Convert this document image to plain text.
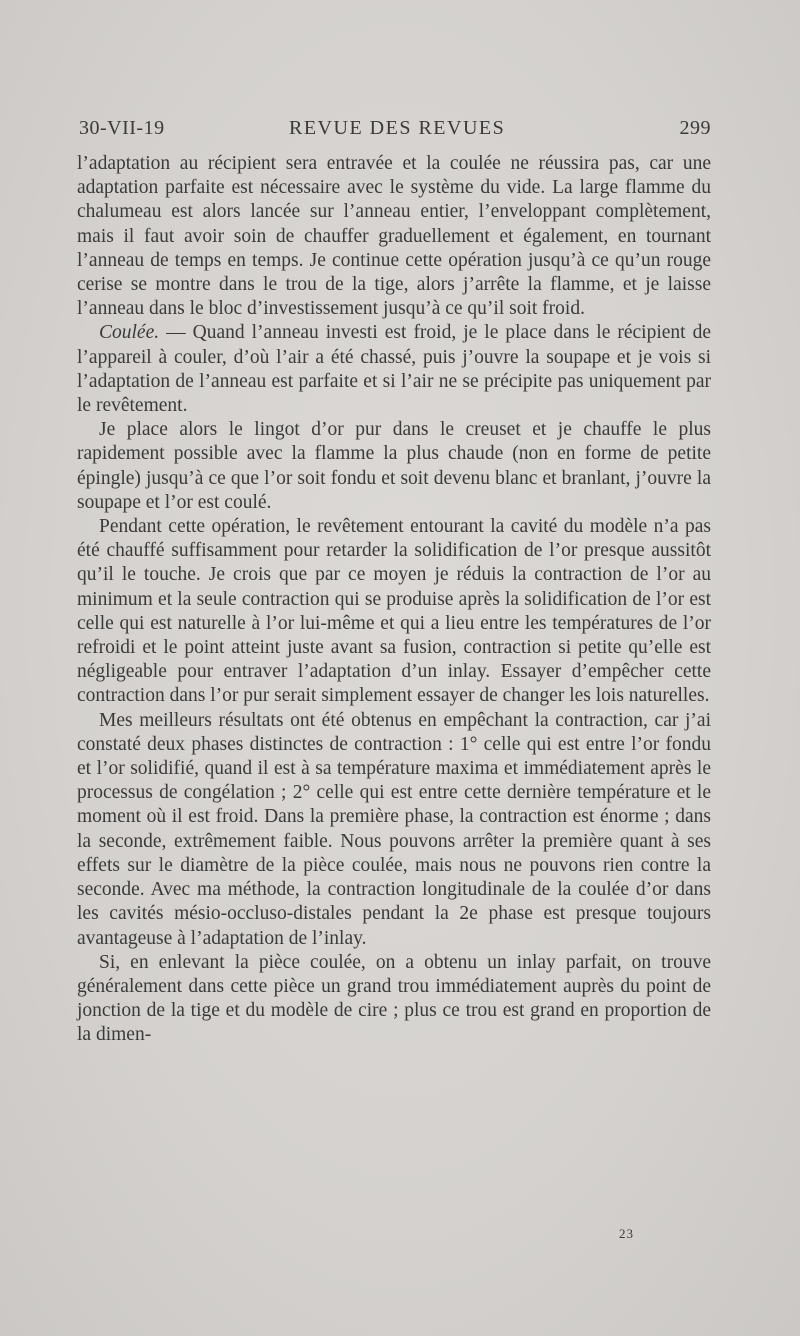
30-VII-19	REVUE DES REVUES	299

l’adaptation au récipient sera entravée et la coulée ne réussira pas, car une adaptation parfaite est nécessaire avec le système du vide. La large flamme du chalumeau est alors lancée sur l’anneau entier, l’enveloppant complètement, mais il faut avoir soin de chauffer graduellement et également, en tournant l’anneau de temps en temps. Je continue cette opération jusqu’à ce qu’un rouge cerise se montre dans le trou de la tige, alors j’arrête la flamme, et je laisse l’anneau dans le bloc d’investissement jusqu’à ce qu’il soit froid.

Coulée. — Quand l’anneau investi est froid, je le place dans le récipient de l’appareil à couler, d’où l’air a été chassé, puis j’ouvre la soupape et je vois si l’adaptation de l’anneau est parfaite et si l’air ne se précipite pas uniquement par le revêtement.

Je place alors le lingot d’or pur dans le creuset et je chauffe le plus rapidement possible avec la flamme la plus chaude (non en forme de petite épingle) jusqu’à ce que l’or soit fondu et soit devenu blanc et branlant, j’ouvre la soupape et l’or est coulé.

Pendant cette opération, le revêtement entourant la cavité du modèle n’a pas été chauffé suffisamment pour retarder la solidification de l’or presque aussitôt qu’il le touche. Je crois que par ce moyen je réduis la contraction de l’or au minimum et la seule contraction qui se produise après la solidification de l’or est celle qui est naturelle à l’or lui-même et qui a lieu entre les températures de l’or refroidi et le point atteint juste avant sa fusion, contraction si petite qu’elle est négligeable pour entraver l’adaptation d’un inlay. Essayer d’empêcher cette contraction dans l’or pur serait simplement essayer de changer les lois naturelles.

Mes meilleurs résultats ont été obtenus en empêchant la contraction, car j’ai constaté deux phases distinctes de contraction : 1° celle qui est entre l’or fondu et l’or solidifié, quand il est à sa température maxima et immédiatement après le processus de congélation ; 2° celle qui est entre cette dernière température et le moment où il est froid. Dans la première phase, la contraction est énorme ; dans la seconde, extrêmement faible. Nous pouvons arrêter la première quant à ses effets sur le diamètre de la pièce coulée, mais nous ne pouvons rien contre la seconde. Avec ma méthode, la contraction longitudinale de la coulée d’or dans les cavités mésio-occluso-distales pendant la 2e phase est presque toujours avantageuse à l’adaptation de l’inlay.

Si, en enlevant la pièce coulée, on a obtenu un inlay parfait, on trouve généralement dans cette pièce un grand trou immédiatement auprès du point de jonction de la tige et du modèle de cire ; plus ce trou est grand en proportion de la dimen-

23
